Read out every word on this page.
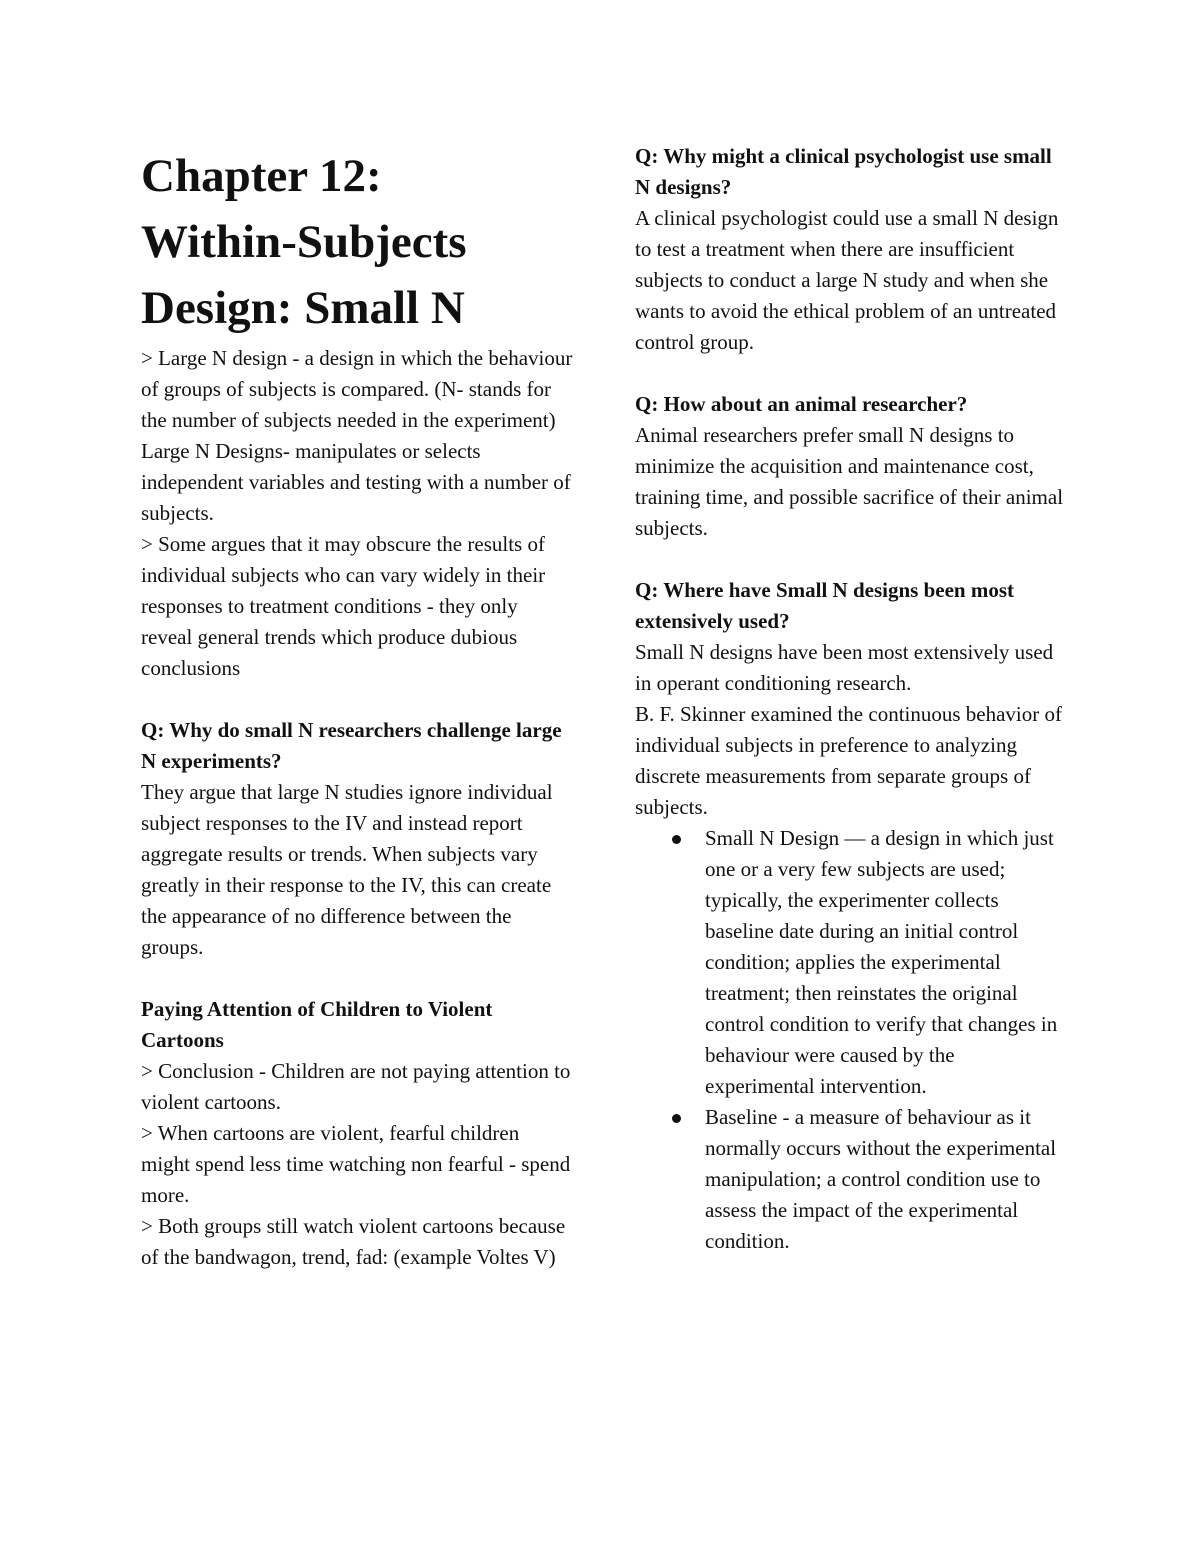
Chapter 12:
Within-Subjects
Design: Small N

> Large N design - a design in which the behaviour of groups of subjects is compared. (N- stands for the number of subjects needed in the experiment) Large N Designs- manipulates or selects independent variables and testing with a number of subjects.

> Some argues that it may obscure the results of individual subjects who can vary widely in their responses to treatment conditions - they only reveal general trends which produce dubious conclusions

Q: Why do small N researchers challenge large N experiments?

They argue that large N studies ignore individual subject responses to the IV and instead report aggregate results or trends. When subjects vary greatly in their response to the IV, this can create the appearance of no difference between the groups.

Paying Attention of Children to Violent Cartoons

> Conclusion - Children are not paying attention to violent cartoons.

> When cartoons are violent, fearful children might spend less time watching non fearful - spend more.

> Both groups still watch violent cartoons because of the bandwagon, trend, fad: (example Voltes V)

Q: Why might a clinical psychologist use small N designs?

A clinical psychologist could use a small N design to test a treatment when there are insufficient subjects to conduct a large N study and when she wants to avoid the ethical problem of an untreated control group.

Q: How about an animal researcher?

Animal researchers prefer small N designs to minimize the acquisition and maintenance cost, training time, and possible sacrifice of their animal subjects.

Q: Where have Small N designs been most extensively used?

Small N designs have been most extensively used in operant conditioning research.

B. F. Skinner examined the continuous behavior of individual subjects in preference to analyzing discrete measurements from separate groups of subjects.

Small N Design — a design in which just one or a very few subjects are used; typically, the experimenter collects baseline date during an initial control condition; applies the experimental treatment; then reinstates the original control condition to verify that changes in behaviour were caused by the experimental intervention.
Baseline - a measure of behaviour as it normally occurs without the experimental manipulation; a control condition use to assess the impact of the experimental condition.
